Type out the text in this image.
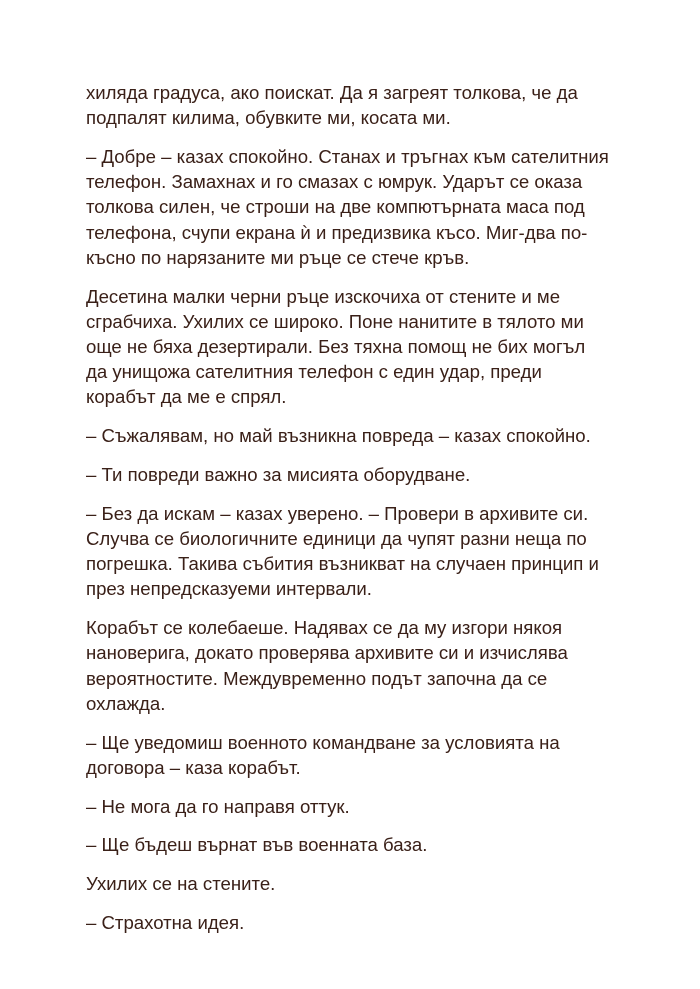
хиляда градуса, ако поискат. Да я загреят толкова, че да
подпалят килима, обувките ми, косата ми.

– Добре – казах спокойно. Станах и тръгнах към сателитния
телефон. Замахнах и го смазах с юмрук. Ударът се оказа
толкова силен, че строши на две компютърната маса под
телефона, счупи екрана ѝ и предизвика късо. Миг-два по-
късно по нарязаните ми ръце се стече кръв.

Десетина малки черни ръце изскочиха от стените и ме
сграбчиха. Ухилих се широко. Поне нанитите в тялото ми
още не бяха дезертирали. Без тяхна помощ не бих могъл
да унищожа сателитния телефон с един удар, преди
корабът да ме е спрял.

– Съжалявам, но май възникна повреда – казах спокойно.

– Ти повреди важно за мисията оборудване.

– Без да искам – казах уверено. – Провери в архивите си.
Случва се биологичните единици да чупят разни неща по
погрешка. Такива събития възникват на случаен принцип и
през непредсказуеми интервали.

Корабът се колебаеше. Надявах се да му изгори някоя
нановерига, докато проверява архивите си и изчислява
вероятностите. Междувременно подът започна да се
охлажда.

– Ще уведомиш военното командване за условията на
договора – каза корабът.

– Не мога да го направя оттук.

– Ще бъдеш върнат във военната база.

Ухилих се на стените.

– Страхотна идея.
